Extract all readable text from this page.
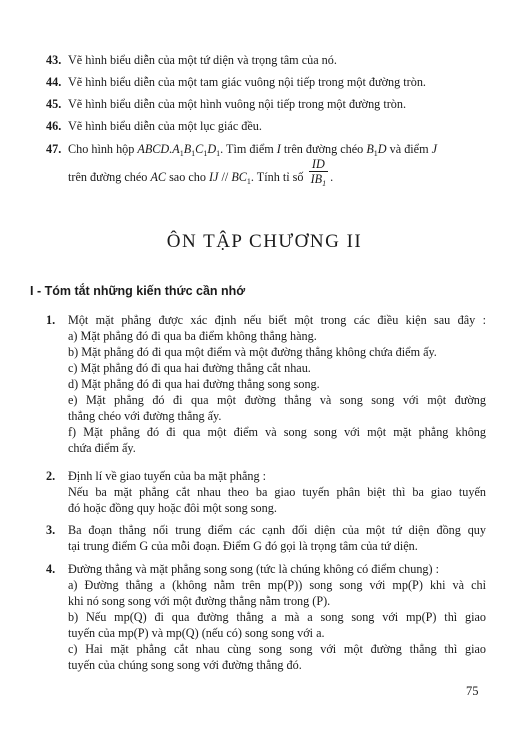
43. Vẽ hình biểu diễn của một tứ diện và trọng tâm của nó.
44. Vẽ hình biểu diễn của một tam giác vuông nội tiếp trong một đường tròn.
45. Vẽ hình biểu diễn của một hình vuông nội tiếp trong một đường tròn.
46. Vẽ hình biểu diễn của một lục giác đều.
47. Cho hình hộp $ABCD.A_1B_1C_1D_1$. Tìm điểm I trên đường chéo $B_1D$ và điểm J
trên đường chéo AC sao cho IJ // $BC_1$. Tính tỉ số $\frac{ID}{IB_1}$ .
ÔN TẬP CHƯƠNG II
I - Tóm tắt những kiến thức cần nhớ
1. Một mặt phẳng được xác định nếu biết một trong các điều kiện sau đây :
a) Mặt phẳng đó đi qua ba điểm không thẳng hàng.
b) Mặt phẳng đó đi qua một điểm và một đường thẳng không chứa điểm ấy.
c) Mặt phẳng đó đi qua hai đường thẳng cắt nhau.
d) Mặt phẳng đó đi qua hai đường thẳng song song.
e) Mặt phẳng đó đi qua một đường thẳng và song song với một đường
thẳng chéo với đường thẳng ấy.
f) Mặt phẳng đó đi qua một điểm và song song với một mặt phẳng không
chứa điểm ấy.
2. Định lí về giao tuyến của ba mặt phẳng :
Nếu ba mặt phẳng cắt nhau theo ba giao tuyến phân biệt thì ba giao tuyến
đó hoặc đồng quy hoặc đôi một song song.
3. Ba đoạn thẳng nối trung điểm các cạnh đối diện của một tứ diện đồng quy
tại trung điểm G của mỗi đoạn. Điểm G đó gọi là trọng tâm của tứ diện.
4. Đường thẳng và mặt phẳng song song (tức là chúng không có điểm chung) :
a) Đường thẳng a (không nằm trên mp(P)) song song với mp(P) khi và chỉ
khi nó song song với một đường thẳng nằm trong (P).
b) Nếu mp(Q) đi qua đường thẳng a mà a song song với mp(P) thì giao
tuyến của mp(P) và mp(Q) (nếu có) song song với a.
c) Hai mặt phẳng cắt nhau cùng song song với một đường thẳng thì giao
tuyến của chúng song song với đường thẳng đó.
75
